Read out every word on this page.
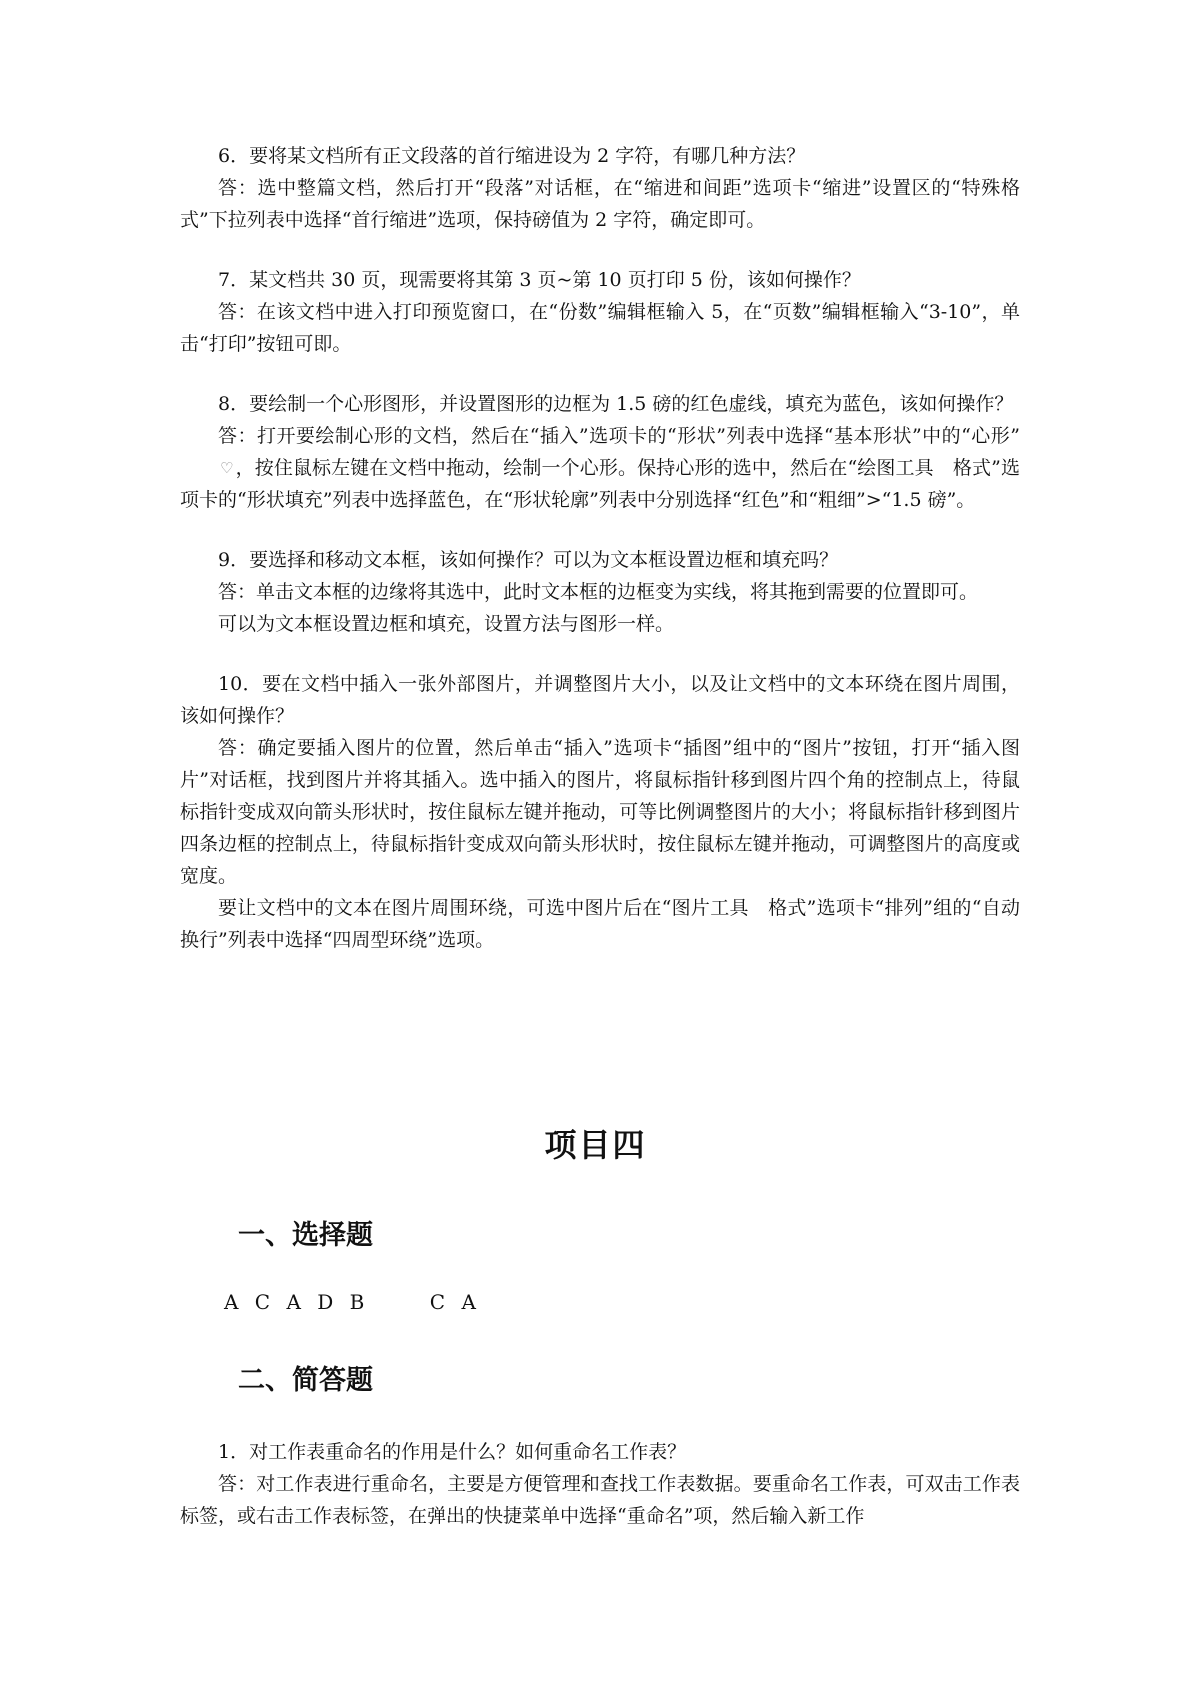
6．要将某文档所有正文段落的首行缩进设为 2 字符，有哪几种方法？

答：选中整篇文档，然后打开“段落”对话框，在“缩进和间距”选项卡“缩进”设置区的“特殊格式”下拉列表中选择“首行缩进”选项，保持磅值为 2 字符，确定即可。

7．某文档共 30 页，现需要将其第 3 页~第 10 页打印 5 份，该如何操作？

答：在该文档中进入打印预览窗口，在“份数”编辑框输入 5，在“页数”编辑框输入“3-10”，单击“打印”按钮可即。

8．要绘制一个心形图形，并设置图形的边框为 1.5 磅的红色虚线，填充为蓝色，该如何操作？

答：打开要绘制心形的文档，然后在“插入”选项卡的“形状”列表中选择“基本形状”中的“心形”♡ ，按住鼠标左键在文档中拖动，绘制一个心形。保持心形的选中，然后在“绘图工具　格式”选项卡的“形状填充”列表中选择蓝色，在“形状轮廓”列表中分别选择“红色”和“粗细”>“1.5 磅”。

9．要选择和移动文本框，该如何操作？可以为文本框设置边框和填充吗？

答：单击文本框的边缘将其选中，此时文本框的边框变为实线，将其拖到需要的位置即可。

可以为文本框设置边框和填充，设置方法与图形一样。

10．要在文档中插入一张外部图片，并调整图片大小，以及让文档中的文本环绕在图片周围，该如何操作？

答：确定要插入图片的位置，然后单击“插入”选项卡“插图”组中的“图片”按钮，打开“插入图片”对话框，找到图片并将其插入。选中插入的图片，将鼠标指针移到图片四个角的控制点上，待鼠标指针变成双向箭头形状时，按住鼠标左键并拖动，可等比例调整图片的大小；将鼠标指针移到图片四条边框的控制点上，待鼠标指针变成双向箭头形状时，按住鼠标左键并拖动，可调整图片的高度或宽度。

要让文档中的文本在图片周围环绕，可选中图片后在“图片工具　格式”选项卡“排列”组的“自动换行”列表中选择“四周型环绕”选项。

项目四
一、选择题
A C A D B    C A
二、简答题

1．对工作表重命名的作用是什么？如何重命名工作表？

答：对工作表进行重命名，主要是方便管理和查找工作表数据。要重命名工作表，可双击工作表标签，或右击工作表标签，在弹出的快捷菜单中选择“重命名”项，然后输入新工作
